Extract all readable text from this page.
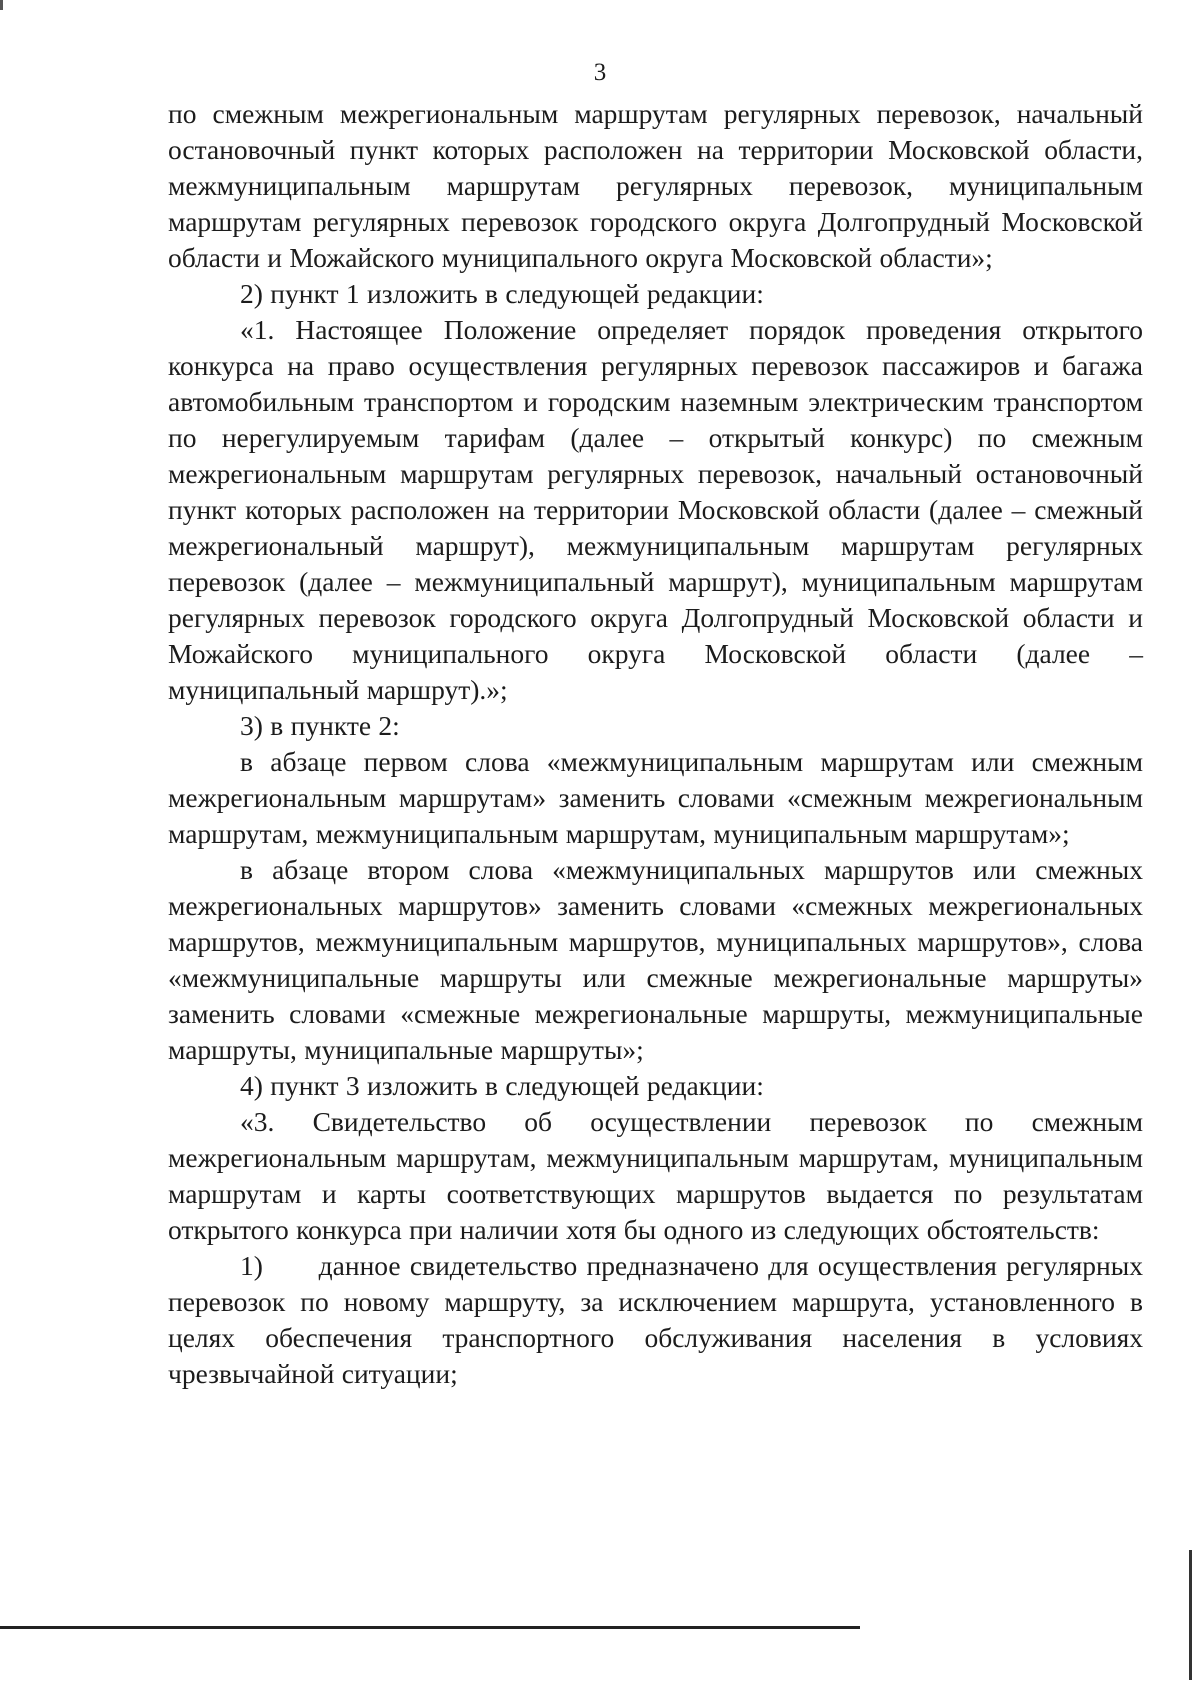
3

по смежным межрегиональным маршрутам регулярных перевозок, начальный остановочный пункт которых расположен на территории Московской области, межмуниципальным маршрутам регулярных перевозок, муниципальным маршрутам регулярных перевозок городского округа Долгопрудный Московской области и Можайского муниципального округа Московской области»;

2) пункт 1 изложить в следующей редакции:

«1. Настоящее Положение определяет порядок проведения открытого конкурса на право осуществления регулярных перевозок пассажиров и багажа автомобильным транспортом и городским наземным электрическим транспортом по нерегулируемым тарифам (далее – открытый конкурс) по смежным межрегиональным маршрутам регулярных перевозок, начальный остановочный пункт которых расположен на территории Московской области (далее – смежный межрегиональный маршрут), межмуниципальным маршрутам регулярных перевозок (далее – межмуниципальный маршрут), муниципальным маршрутам регулярных перевозок городского округа Долгопрудный Московской области и Можайского муниципального округа Московской области (далее – муниципальный маршрут).»;

3) в пункте 2:

в абзаце первом слова «межмуниципальным маршрутам или смежным межрегиональным маршрутам» заменить словами «смежным межрегиональным маршрутам, межмуниципальным маршрутам, муниципальным маршрутам»;

в абзаце втором слова «межмуниципальных маршрутов или смежных межрегиональных маршрутов» заменить словами «смежных межрегиональных маршрутов, межмуниципальным маршрутов, муниципальных маршрутов», слова «межмуниципальные маршруты или смежные межрегиональные маршруты» заменить словами «смежные межрегиональные маршруты, межмуниципальные маршруты, муниципальные маршруты»;

4) пункт 3 изложить в следующей редакции:

«3. Свидетельство об осуществлении перевозок по смежным межрегиональным маршрутам, межмуниципальным маршрутам, муниципальным маршрутам и карты соответствующих маршрутов выдается по результатам открытого конкурса при наличии хотя бы одного из следующих обстоятельств:

1)      данное свидетельство предназначено для осуществления регулярных перевозок по новому маршруту, за исключением маршрута, установленного в целях обеспечения транспортного обслуживания населения в условиях чрезвычайной ситуации;
